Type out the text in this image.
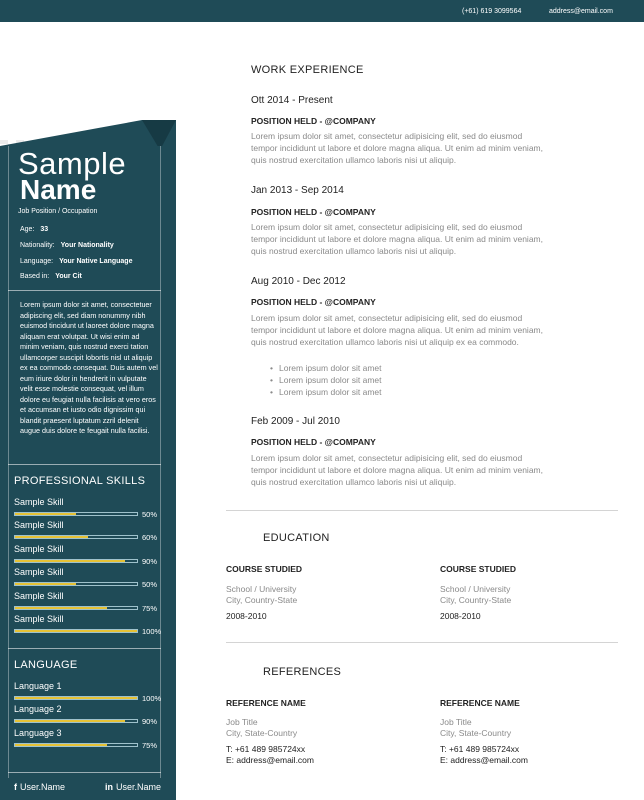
(+61) 619 3099564	address@email.com
Sample
Name
Job Position / Occupation
Age: 33
Nationality: Your Nationality
Language: Your Native Language
Based in: Your Cit
Lorem ipsum dolor sit amet, consectetuer adipiscing elit, sed diam nonummy nibh euismod tincidunt ut laoreet dolore magna aliquam erat volutpat. Ut wisi enim ad minim veniam, quis nostrud exerci tation ullamcorper suscipit lobortis nisl ut aliquip ex ea commodo consequat. Duis autem vel eum iriure dolor in hendrerit in vulputate velit esse molestie consequat, vel illum dolore eu feugiat nulla facilisis at vero eros et accumsan et iusto odio dignissim qui blandit praesent luptatum zzril delenit augue duis dolore te feugait nulla facilisi.
PROFESSIONAL SKILLS
Sample Skill
50%
Sample Skill
60%
Sample Skill
90%
Sample Skill
50%
Sample Skill
75%
Sample Skill
100%
LANGUAGE
Language 1
100%
Language 2
90%
Language 3
75%
f User.Name	in User.Name
WORK EXPERIENCE
Ott 2014 - Present
POSITION HELD - @COMPANY
Lorem ipsum dolor sit amet, consectetur adipisicing elit, sed do eiusmod
tempor incididunt ut labore et dolore magna aliqua. Ut enim ad minim veniam,
quis nostrud exercitation ullamco laboris nisi ut aliquip.
Jan 2013 - Sep 2014
POSITION HELD - @COMPANY
Lorem ipsum dolor sit amet, consectetur adipisicing elit, sed do eiusmod
tempor incididunt ut labore et dolore magna aliqua. Ut enim ad minim veniam,
quis nostrud exercitation ullamco laboris nisi ut aliquip.
Aug 2010 - Dec 2012
POSITION HELD - @COMPANY
Lorem ipsum dolor sit amet, consectetur adipisicing elit, sed do eiusmod
tempor incididunt ut labore et dolore magna aliqua. Ut enim ad minim veniam,
quis nostrud exercitation ullamco laboris nisi ut aliquip ex ea commodo.
• Lorem ipsum dolor sit amet
• Lorem ipsum dolor sit amet
• Lorem ipsum dolor sit amet
Feb 2009 - Jul 2010
POSITION HELD - @COMPANY
Lorem ipsum dolor sit amet, consectetur adipisicing elit, sed do eiusmod
tempor incididunt ut labore et dolore magna aliqua. Ut enim ad minim veniam,
quis nostrud exercitation ullamco laboris nisi ut aliquip.
EDUCATION
COURSE STUDIED
School / University
City, Country-State
2008-2010
COURSE STUDIED
School / University
City, Country-State
2008-2010
REFERENCES
REFERENCE NAME
Job Title
City, State-Country
T: +61 489 985724xx
E: address@email.com
REFERENCE NAME
Job Title
City, State-Country
T: +61 489 985724xx
E: address@email.com
